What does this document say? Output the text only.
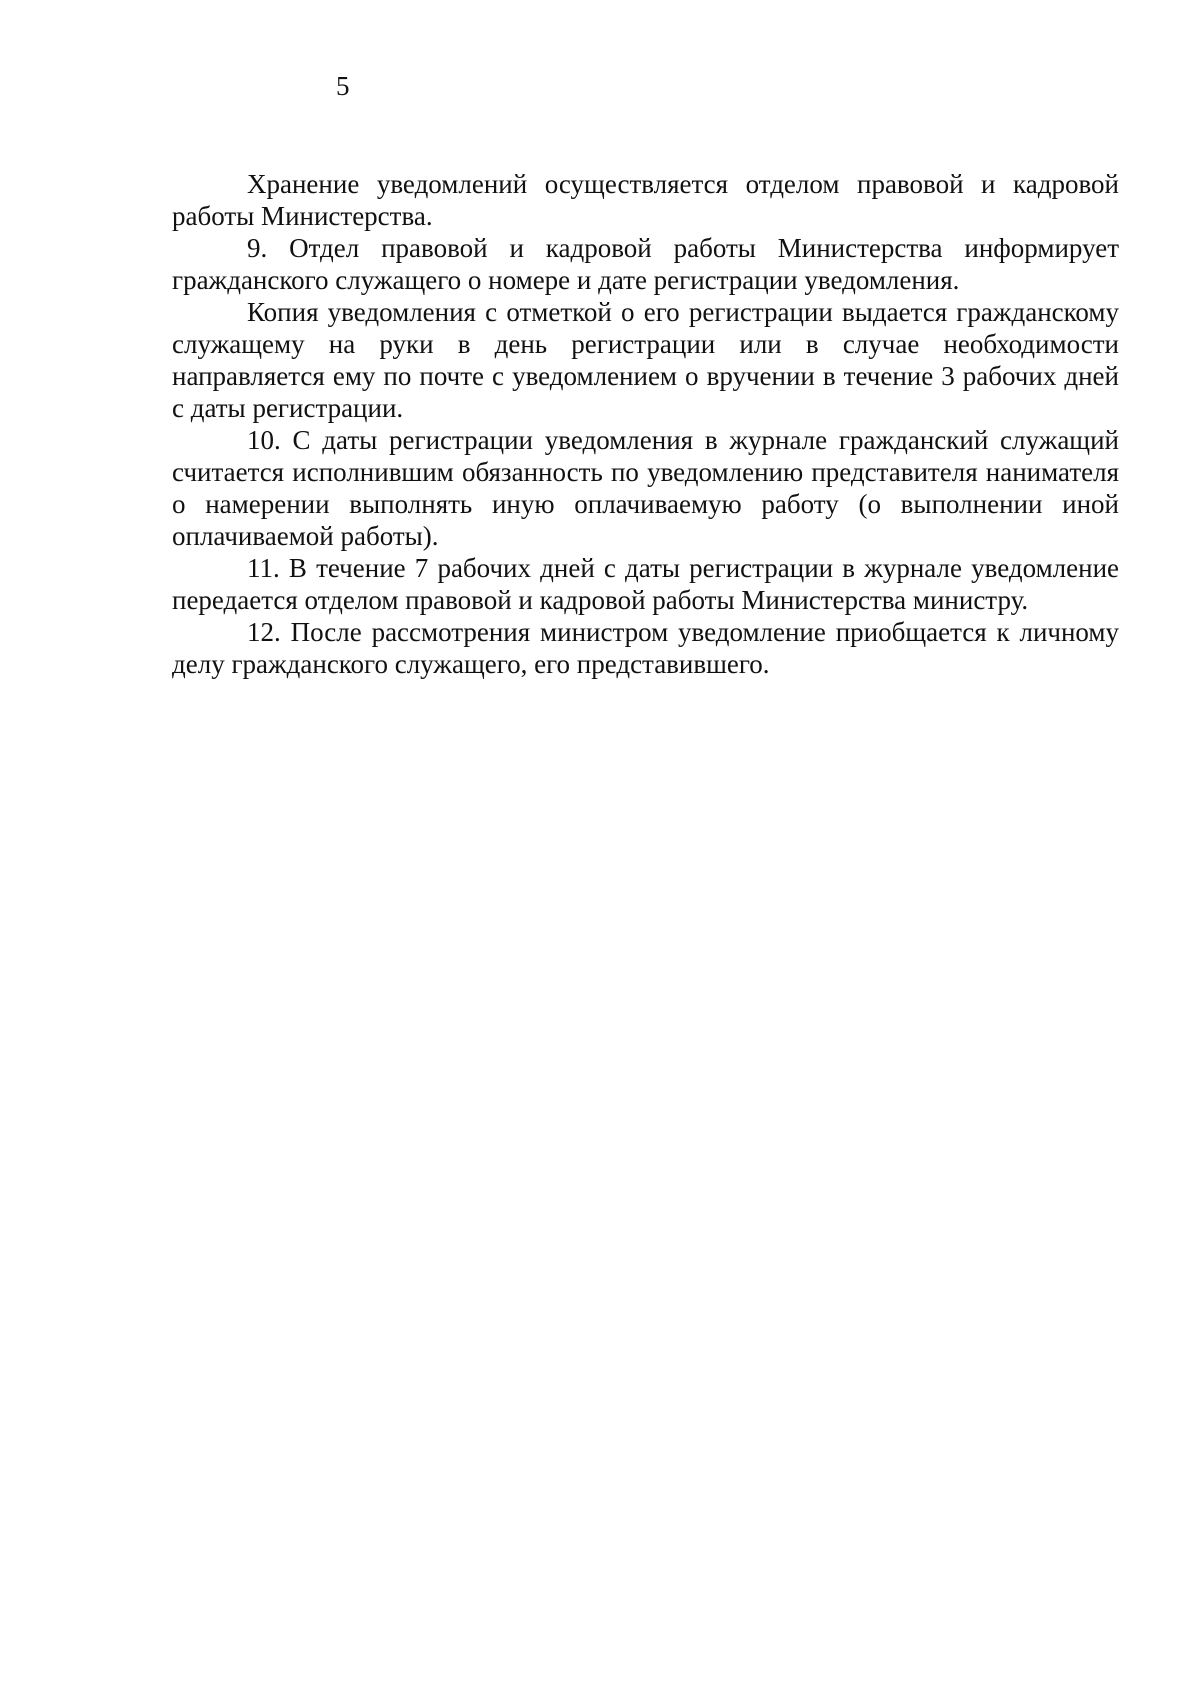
5

Хранение уведомлений осуществляется отделом правовой и кадровой работы Министерства.

9. Отдел правовой и кадровой работы Министерства информирует гражданского служащего о номере и дате регистрации уведомления.

Копия уведомления с отметкой о его регистрации выдается гражданскому служащему на руки в день регистрации или в случае необходимости направляется ему по почте с уведомлением о вручении в течение 3 рабочих дней с даты регистрации.

10. С даты регистрации уведомления в журнале гражданский служащий считается исполнившим обязанность по уведомлению представителя нанимателя о намерении выполнять иную оплачиваемую работу (о выполнении иной оплачиваемой работы).

11. В течение 7 рабочих дней с даты регистрации в журнале уведомление передается отделом правовой и кадровой работы Министерства министру.

12. После рассмотрения министром уведомление приобщается к личному делу гражданского служащего, его представившего.
